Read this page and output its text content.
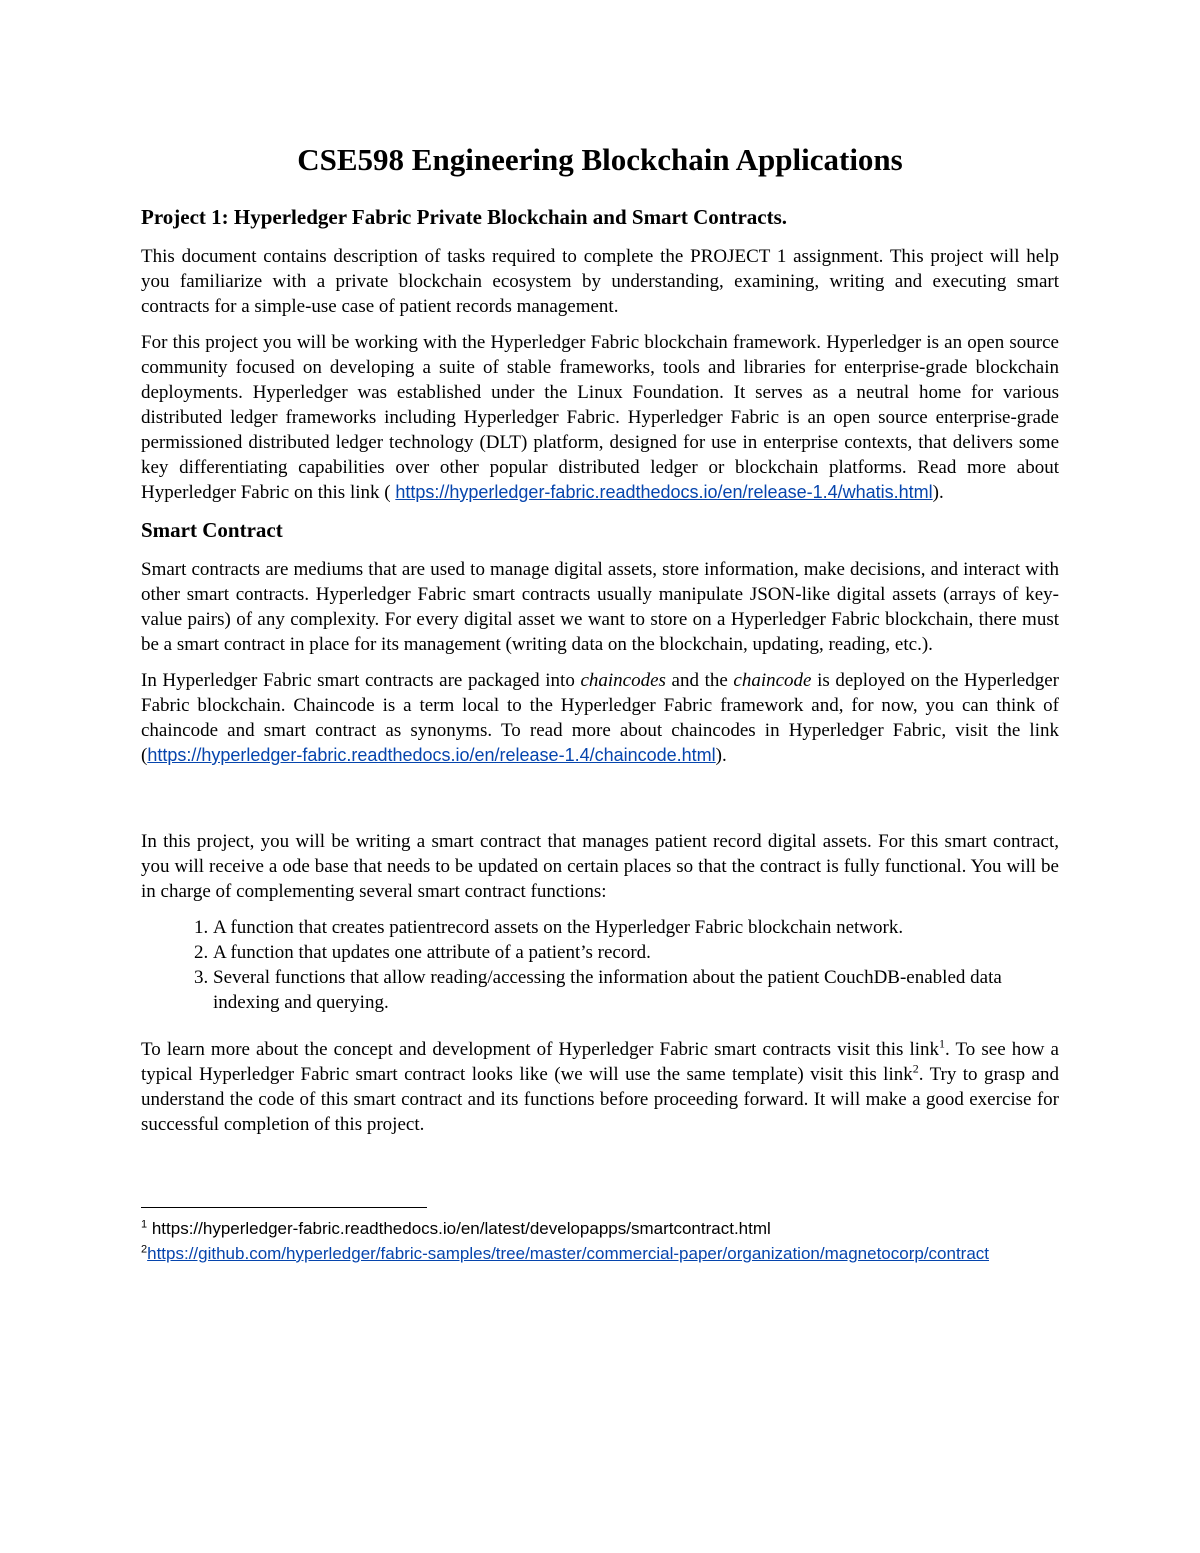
CSE598 Engineering Blockchain Applications
Project 1: Hyperledger Fabric Private Blockchain and Smart Contracts.

This document contains description of tasks required to complete the PROJECT 1 assignment. This project will help you familiarize with a private blockchain ecosystem by understanding, examining, writing and executing smart contracts for a simple-use case of patient records management.

For this project you will be working with the Hyperledger Fabric blockchain framework. Hyperledger is an open source community focused on developing a suite of stable frameworks, tools and libraries for enterprise-grade blockchain deployments. Hyperledger was established under the Linux Foundation. It serves as a neutral home for various distributed ledger frameworks including Hyperledger Fabric. Hyperledger Fabric is an open source enterprise-grade permissioned distributed ledger technology (DLT) platform, designed for use in enterprise contexts, that delivers some key differentiating capabilities over other popular distributed ledger or blockchain platforms. Read more about Hyperledger Fabric on this link ( https://hyperledger-fabric.readthedocs.io/en/release-1.4/whatis.html).

Smart Contract

Smart contracts are mediums that are used to manage digital assets, store information, make decisions, and interact with other smart contracts. Hyperledger Fabric smart contracts usually manipulate JSON-like digital assets (arrays of key-value pairs) of any complexity. For every digital asset we want to store on a Hyperledger Fabric blockchain, there must be a smart contract in place for its management (writing data on the blockchain, updating, reading, etc.).

In Hyperledger Fabric smart contracts are packaged into chaincodes and the chaincode is deployed on the Hyperledger Fabric blockchain. Chaincode is a term local to the Hyperledger Fabric framework and, for now, you can think of chaincode and smart contract as synonyms. To read more about chaincodes in Hyperledger Fabric, visit the link (https://hyperledger-fabric.readthedocs.io/en/release-1.4/chaincode.html).

In this project, you will be writing a smart contract that manages patient record digital assets. For this smart contract, you will receive a ode base that needs to be updated on certain places so that the contract is fully functional. You will be in charge of complementing several smart contract functions:

1. A function that creates patientrecord assets on the Hyperledger Fabric blockchain network.
2. A function that updates one attribute of a patient’s record.
3. Several functions that allow reading/accessing the information about the patient CouchDB-enabled data indexing and querying.

To learn more about the concept and development of Hyperledger Fabric smart contracts visit this link$^1$. To see how a typical Hyperledger Fabric smart contract looks like (we will use the same template) visit this link$^2$. Try to grasp and understand the code of this smart contract and its functions before proceeding forward. It will make a good exercise for successful completion of this project.

$^1$ https://hyperledger-fabric.readthedocs.io/en/latest/developapps/smartcontract.html

$^2$https://github.com/hyperledger/fabric-samples/tree/master/commercial-paper/organization/magnetocorp/contract
